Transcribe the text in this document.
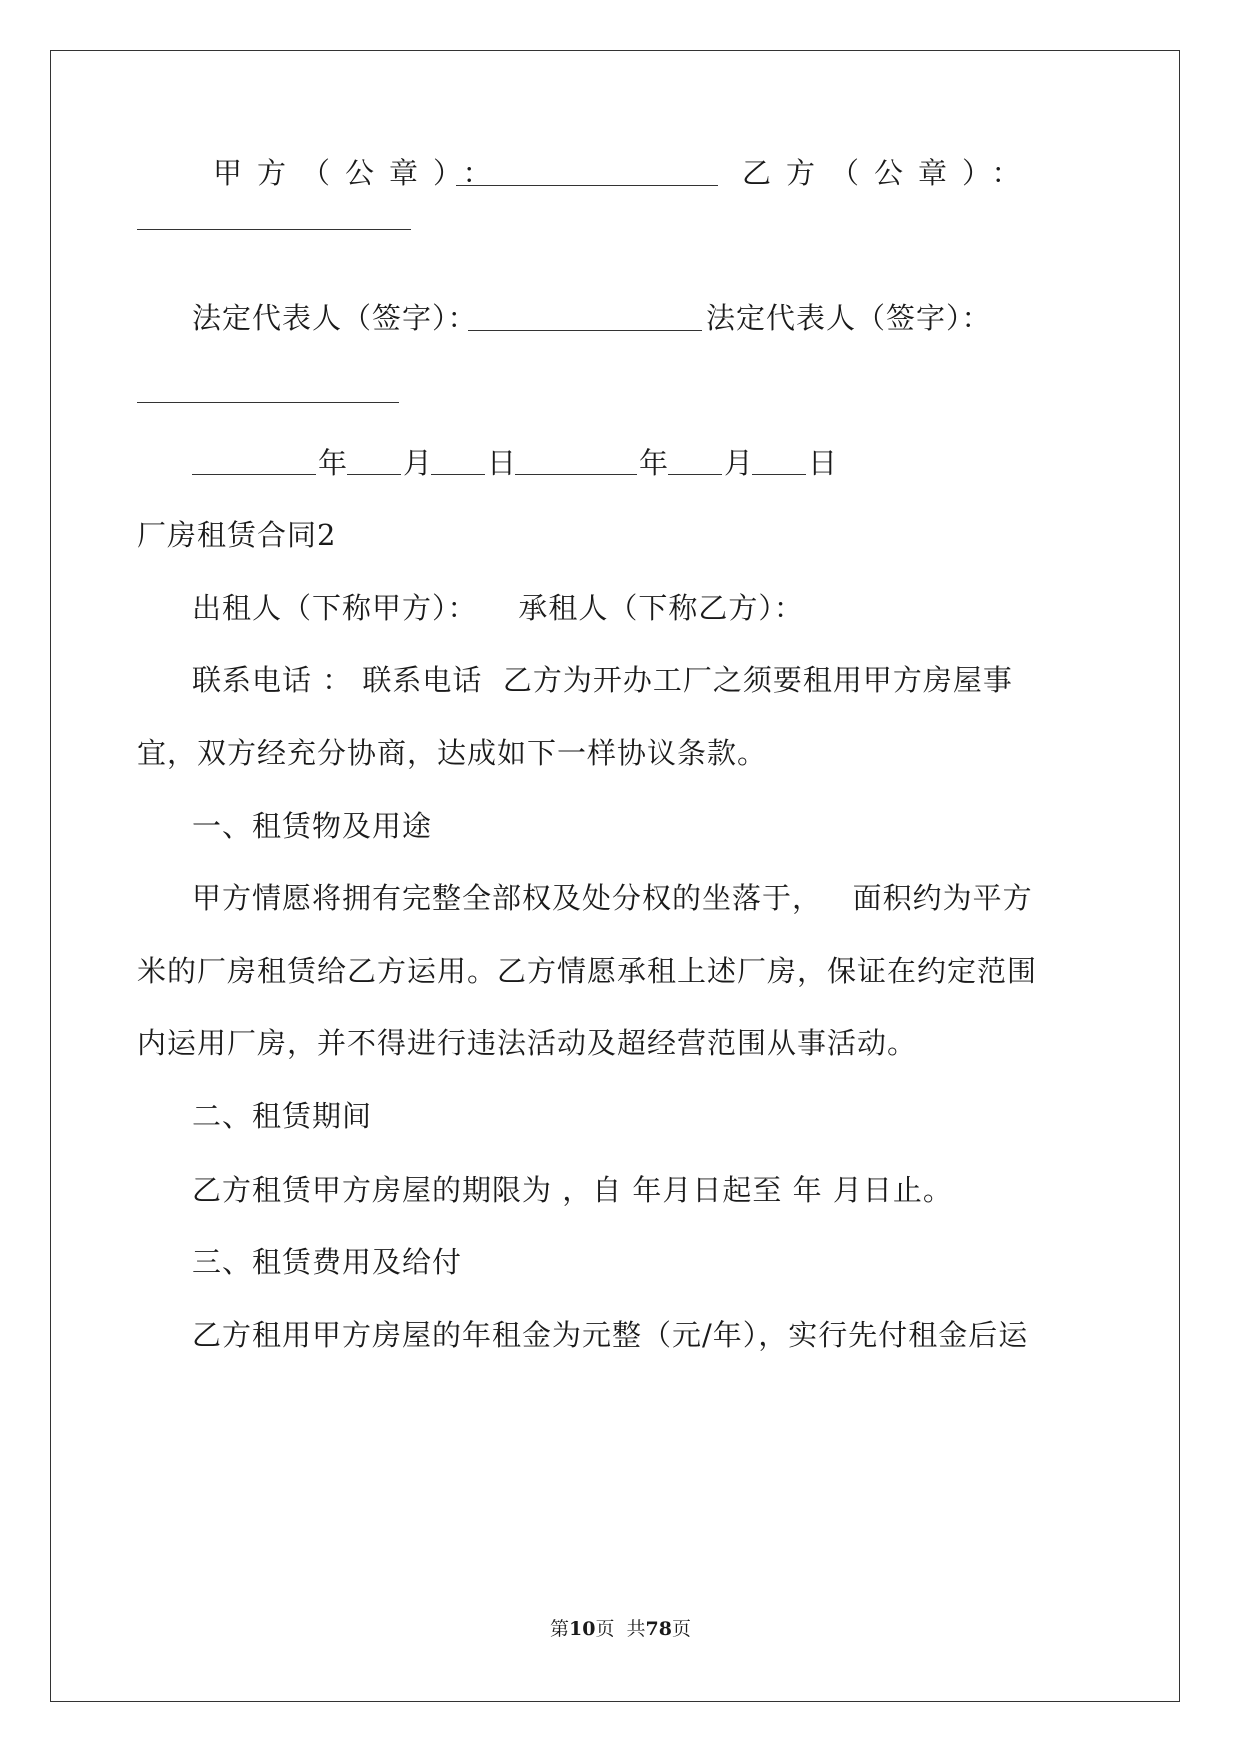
甲方（公章）：	乙方（公章）：
法定代表人（签字）：	法定代表人（签字）：
年 月 日	年 月 日
厂房租赁合同2
出租人（下称甲方）：    承租人（下称乙方）：
联系电话 ： 联系电话  乙方为开办工厂之须要租用甲方房屋事
宜，双方经充分协商，达成如下一样协议条款。
一、租赁物及用途
甲方情愿将拥有完整全部权及处分权的坐落于，   面积约为平方
米的厂房租赁给乙方运用。乙方情愿承租上述厂房，保证在约定范围
内运用厂房，并不得进行违法活动及超经营范围从事活动。
二、租赁期间
乙方租赁甲方房屋的期限为 ，自 年月日起至 年 月日止。
三、租赁费用及给付
乙方租用甲方房屋的年租金为元整（元/年），实行先付租金后运
第10页  共78页
